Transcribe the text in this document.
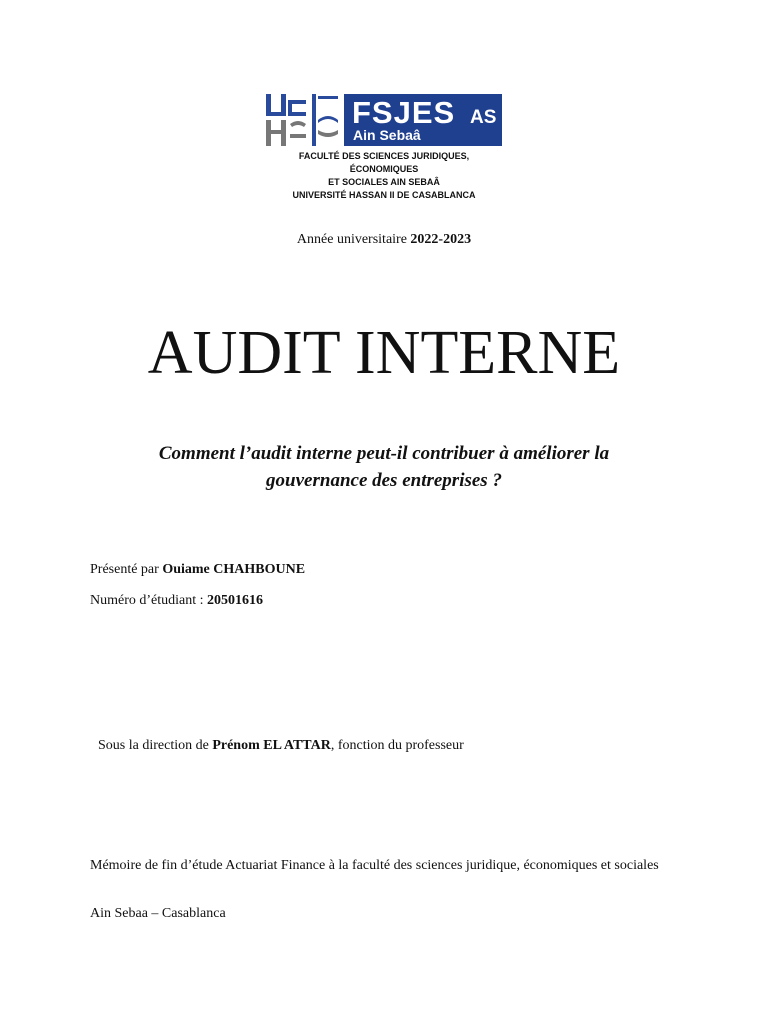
FSJES AS
Ain Sebaâ
FACULTÉ DES SCIENCES JURIDIQUES, ÉCONOMIQUES
ET SOCIALES AIN SEBAÂ
UNIVERSITÉ HASSAN II DE CASABLANCA
Année universitaire 2022-2023
AUDIT INTERNE
Comment l’audit interne peut-il contribuer à améliorer la
gouvernance des entreprises ?
Présenté par Ouiame CHAHBOUNE
Numéro d’étudiant : 20501616
Sous la direction de Prénom EL ATTAR, fonction du professeur
Mémoire de fin d’étude Actuariat Finance à la faculté des sciences juridique, économiques et sociales
Ain Sebaa – Casablanca
